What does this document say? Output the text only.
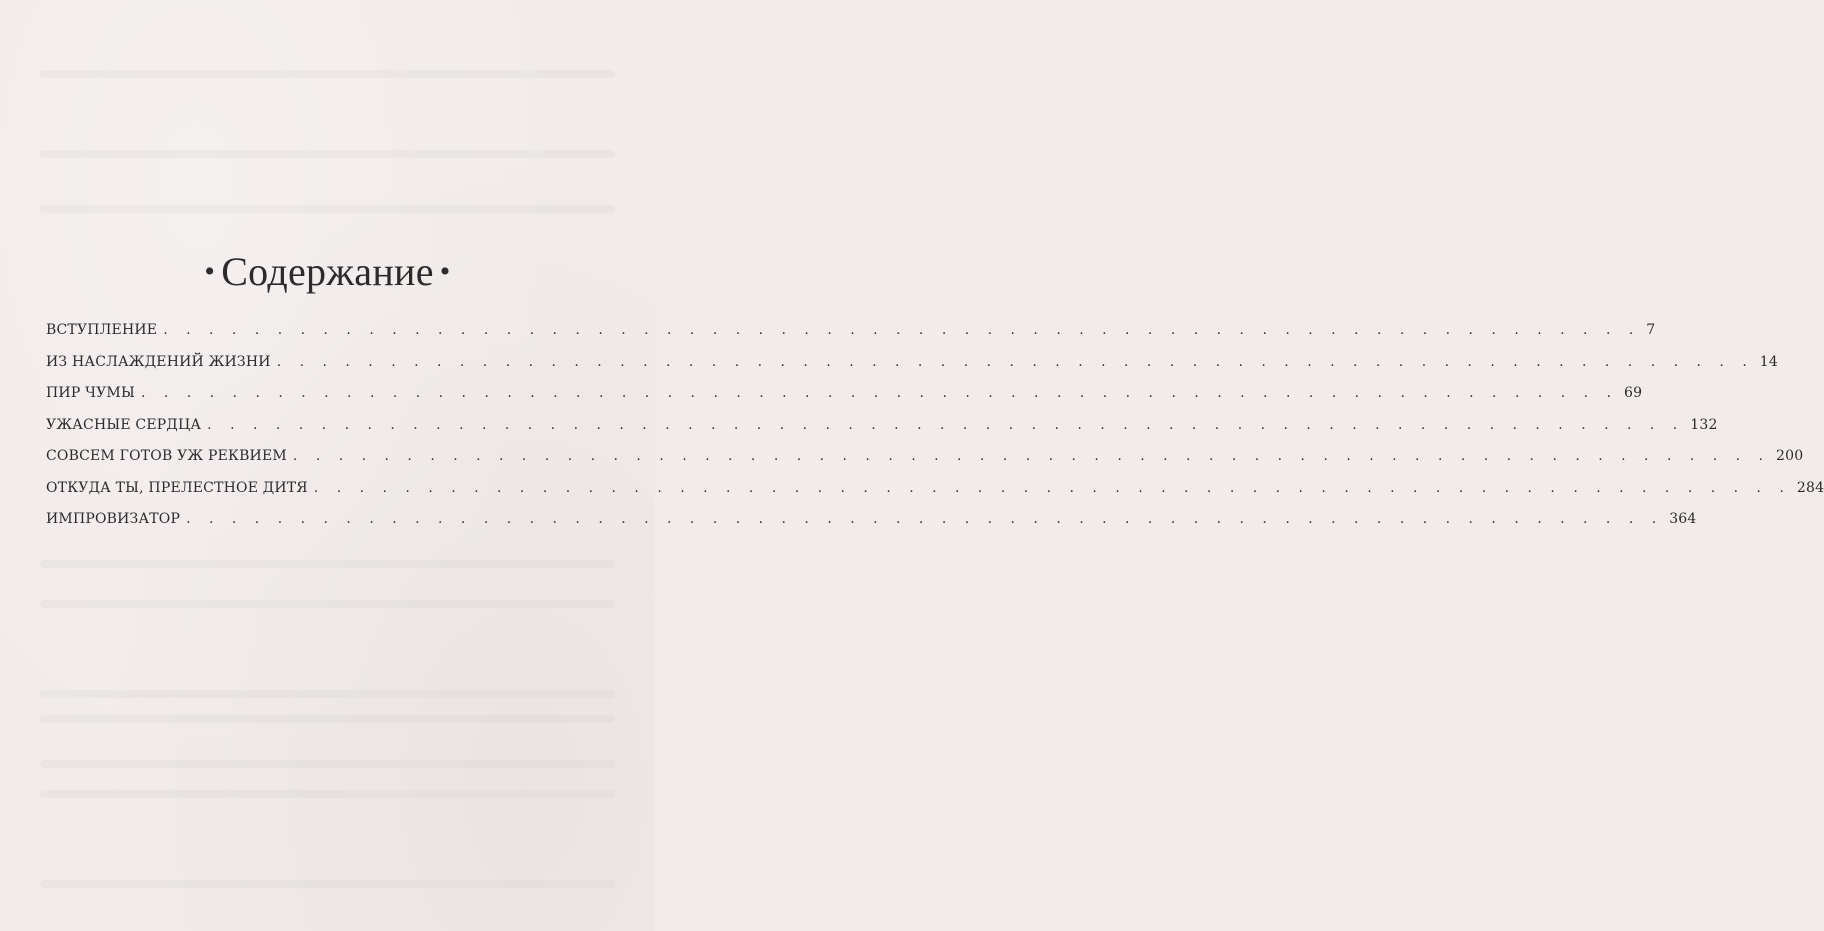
• Содержание •
ВСТУПЛЕНИЕ . . . . . . . . . . . . . . . . . . . . . . . . . . . . . . . . . . . . . . . . . . . . . . . . . . . . . . . . . . . . . . . . . 7
ИЗ НАСЛАЖДЕНИЙ ЖИЗНИ . . . . . . . . . . . . . . . . . . . . . . . . . . . . . . . . . . . . . . . . . . . . . . . . . . . . . . . . . . . . . . . . . 14
ПИР ЧУМЫ . . . . . . . . . . . . . . . . . . . . . . . . . . . . . . . . . . . . . . . . . . . . . . . . . . . . . . . . . . . . . . . . . 69
УЖАСНЫЕ СЕРДЦА . . . . . . . . . . . . . . . . . . . . . . . . . . . . . . . . . . . . . . . . . . . . . . . . . . . . . . . . . . . . . . . . . 132
СОВСЕМ ГОТОВ УЖ РЕКВИЕМ . . . . . . . . . . . . . . . . . . . . . . . . . . . . . . . . . . . . . . . . . . . . . . . . . . . . . . . . . . . . . . . . . 200
ОТКУДА ТЫ, ПРЕЛЕСТНОЕ ДИТЯ . . . . . . . . . . . . . . . . . . . . . . . . . . . . . . . . . . . . . . . . . . . . . . . . . . . . . . . . . . . . . . . . . 284
ИМПРОВИЗАТОР . . . . . . . . . . . . . . . . . . . . . . . . . . . . . . . . . . . . . . . . . . . . . . . . . . . . . . . . . . . . . . . . . 364
